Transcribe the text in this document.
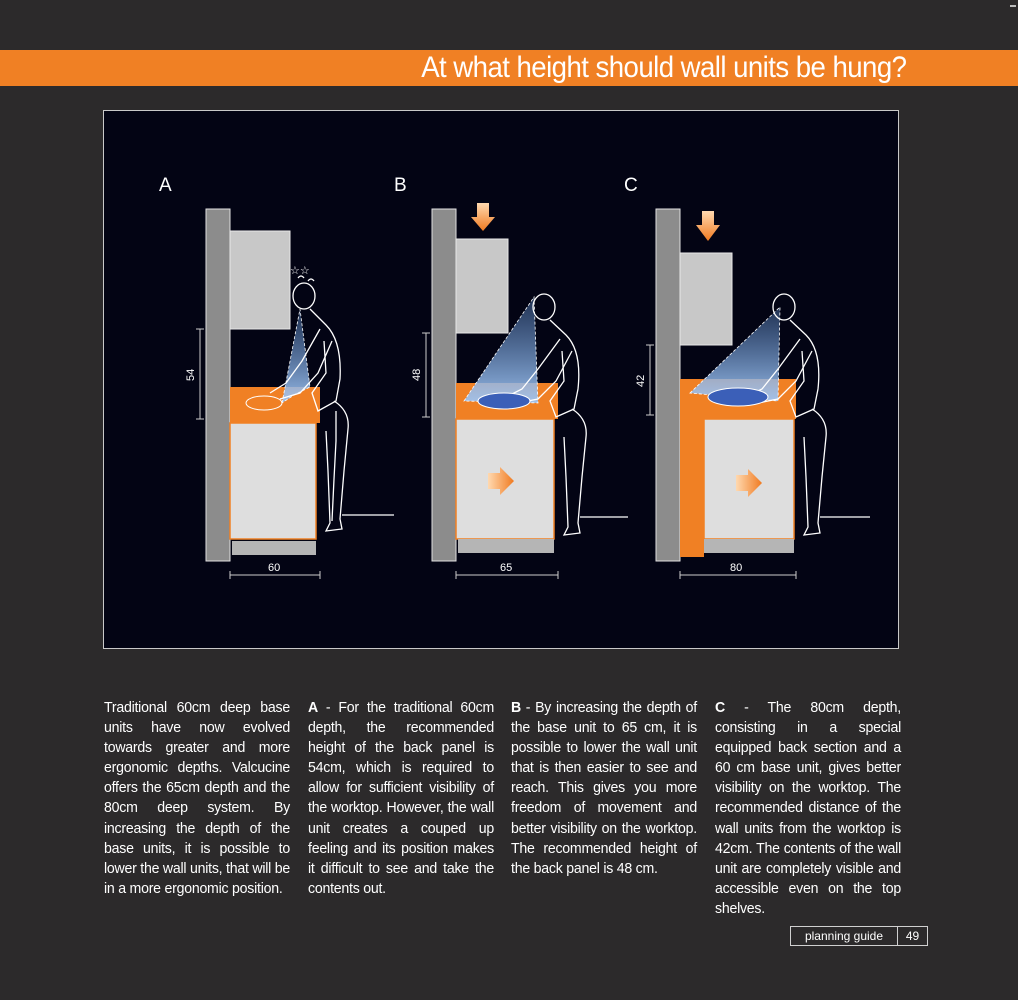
At what height should wall units be hung?
A
☆☆
54
60
B
48
65
C
42
80
Traditional 60cm deep base units have now evolved towards greater and more ergonomic depths. Valcucine offers the 65cm depth and the 80cm deep system. By increasing the depth of the base units, it is possible to lower the wall units, that will be in a more ergonomic position.
A - For the traditional 60cm depth, the recommended height of the back panel is 54cm, which is required to allow for sufficient visibility of the worktop. However, the wall unit creates a couped up feeling and its position makes it difficult to see and take the contents out.
B - By increasing the depth of the base unit to 65 cm, it is possible to lower the wall unit that is then easier to see and reach. This gives you more freedom of movement and better visibility on the worktop. The recommended height of the back panel is 48 cm.
C - The 80cm depth, consisting in a special equipped back section and a 60 cm base unit, gives better visibility on the worktop. The recommended distance of the wall units from the worktop is 42cm. The contents of the wall unit are completely visible and accessible even on the top shelves.
planning guide	49
